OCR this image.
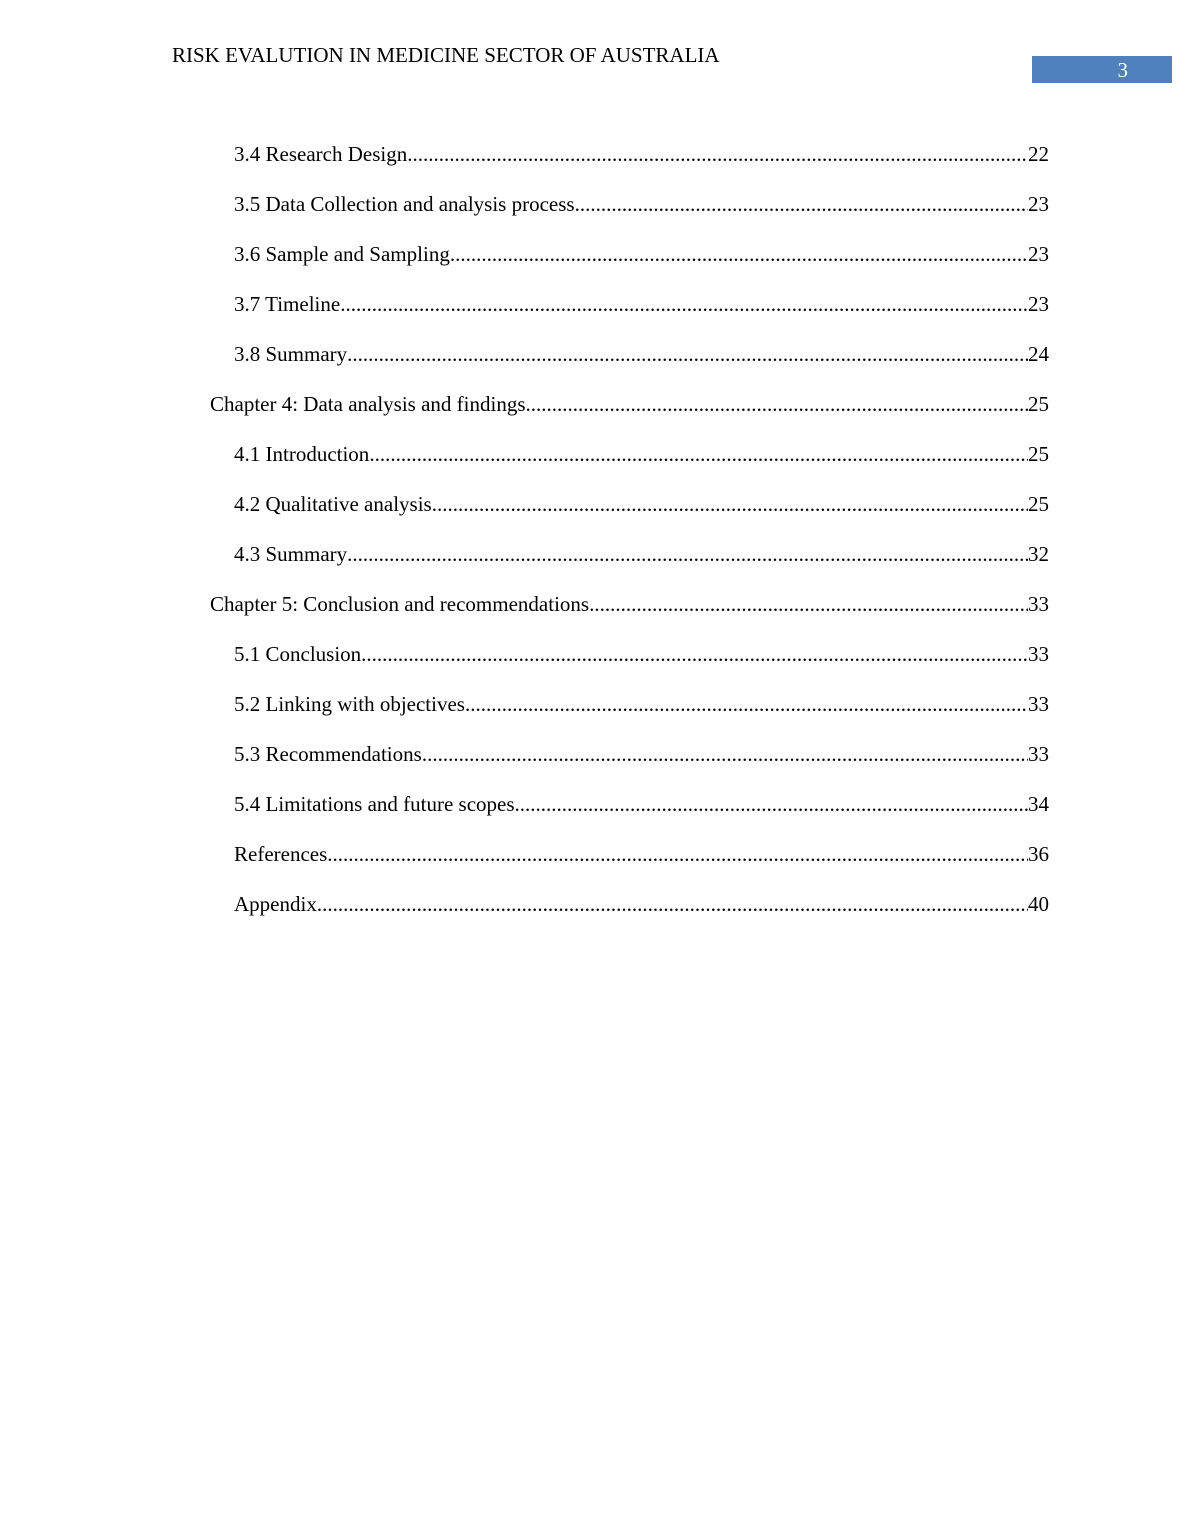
RISK EVALUTION IN MEDICINE SECTOR OF AUSTRALIA
3
3.4 Research Design .....	22
3.5 Data Collection and analysis process .....	23
3.6 Sample and Sampling .....	23
3.7 Timeline .....	23
3.8 Summary .....	24
Chapter 4: Data analysis and findings .....	25
4.1 Introduction .....	25
4.2 Qualitative analysis .....	25
4.3 Summary .....	32
Chapter 5: Conclusion and recommendations .....	33
5.1 Conclusion .....	33
5.2 Linking with objectives .....	33
5.3 Recommendations .....	33
5.4 Limitations and future scopes .....	34
References .....	36
Appendix .....	40
